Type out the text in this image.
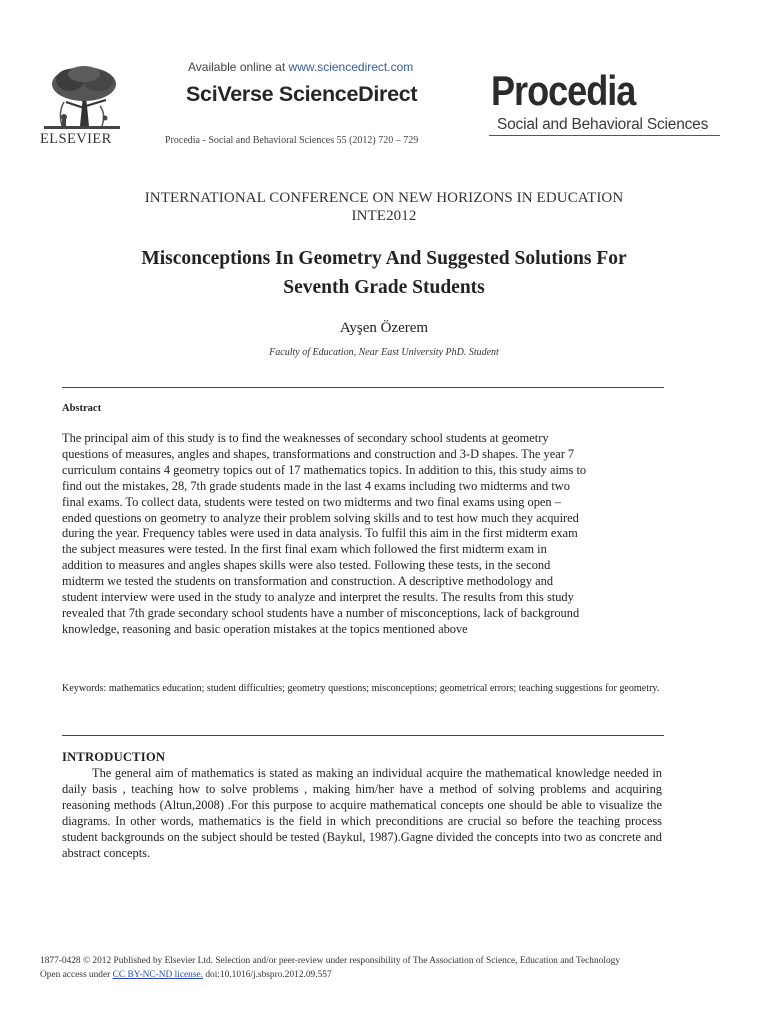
ELSEVIER
Available online at www.sciencedirect.com
SciVerse ScienceDirect
Procedia - Social and Behavioral Sciences 55 (2012) 720 – 729
Procedia
Social and Behavioral Sciences
INTERNATIONAL CONFERENCE ON NEW HORIZONS IN EDUCATION
INTE2012
Misconceptions In Geometry And Suggested Solutions For
Seventh Grade Students
Ayşen Özerem
Faculty of Education, Near East University PhD. Student
Abstract
The principal aim of this study is to find the weaknesses of secondary school students at geometry
questions of measures, angles and shapes, transformations and construction and 3-D shapes. The year 7
curriculum contains 4 geometry topics out of 17 mathematics topics. In addition to this, this study aims to
find out the mistakes, 28, 7th grade students made in the last 4 exams including two midterms and two
final exams. To collect data, students were tested on two midterms and two final exams using open –
ended questions on geometry to analyze their problem solving skills and to test how much they acquired
during the year. Frequency tables were used in data analysis. To fulfil this aim in the first midterm exam
the subject measures were tested. In the first final exam which followed the first midterm exam in
addition to measures and angles shapes skills were also tested. Following these tests, in the second
midterm we tested the students on transformation and construction. A descriptive methodology and
student interview were used in the study to analyze and interpret the results. The results from this study
revealed that 7th grade secondary school students have a number of misconceptions, lack of background
knowledge, reasoning and basic operation mistakes at the topics mentioned above
Keywords: mathematics education; student difficulties; geometry questions; misconceptions; geometrical errors; teaching suggestions for geometry.
INTRODUCTION
The general aim of mathematics is stated as making an individual acquire the mathematical knowledge needed in daily basis , teaching how to solve problems , making him/her have a method of solving problems and acquiring reasoning methods (Altun,2008) .For this purpose to acquire mathematical concepts one should be able to visualize the diagrams. In other words, mathematics is the field in which preconditions are crucial so before the teaching process student backgrounds on the subject should be tested (Baykul, 1987).Gagne divided the concepts into two as concrete and abstract concepts.
1877-0428 © 2012 Published by Elsevier Ltd. Selection and/or peer-review under responsibility of The Association of Science, Education and Technology
Open access under CC BY-NC-ND license. doi:10.1016/j.sbspro.2012.09.557
